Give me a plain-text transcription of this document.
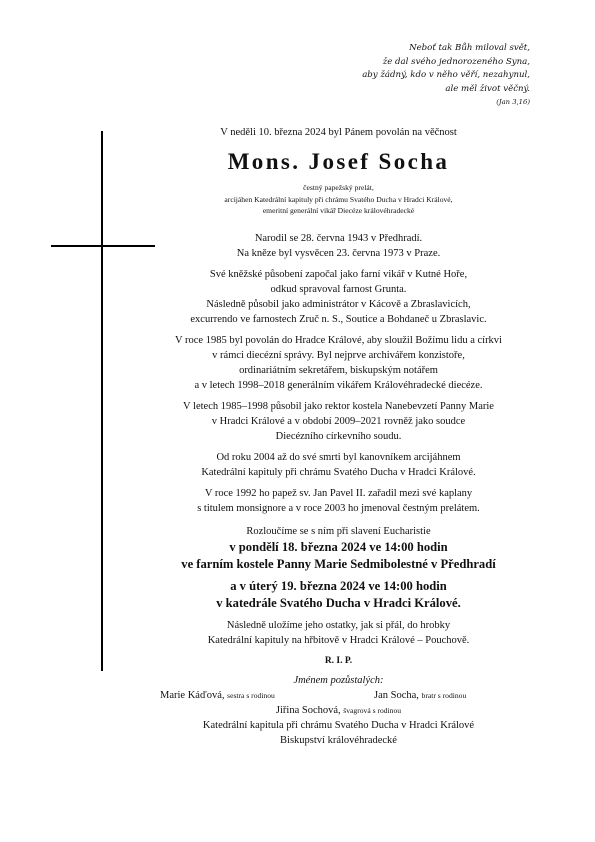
Neboť tak Bůh miloval svět,
že dal svého jednorozeného Syna,
aby žádný, kdo v něho věří, nezahynul,
ale měl život věčný.
(Jan 3,16)
V neděli 10. března 2024 byl Pánem povolán na věčnost
Mons. Josef Socha
čestný papežský prelát,
arcijáhen Katedrální kapituly při chrámu Svatého Ducha v Hradci Králové,
emeritní generální vikář Diecéze královéhradecké
Narodil se 28. června 1943 v Předhradí.
Na kněze byl vysvěcen 23. června 1973 v Praze.
Své kněžské působení započal jako farní vikář v Kutné Hoře,
odkud spravoval farnost Grunta.
Následně působil jako administrátor v Kácově a Zbraslavicích,
excurrendo ve farnostech Zruč n. S., Soutice a Bohdaneč u Zbraslavic.
V roce 1985 byl povolán do Hradce Králové, aby sloužil Božímu lidu a církvi
v rámci diecézní správy. Byl nejprve archivářem konzistoře,
ordinariátním sekretářem, biskupským notářem
a v letech 1998–2018 generálním vikářem Královéhradecké diecéze.
V letech 1985–1998 působil jako rektor kostela Nanebevzetí Panny Marie
v Hradci Králové a v období 2009–2021 rovněž jako soudce
Diecézního církevního soudu.
Od roku 2004 až do své smrti byl kanovníkem arcijáhnem
Katedrální kapituly při chrámu Svatého Ducha v Hradci Králové.
V roce 1992 ho papež sv. Jan Pavel II. zařadil mezi své kaplany
s titulem monsignore a v roce 2003 ho jmenoval čestným prelátem.
Rozloučíme se s ním při slavení Eucharistie
v pondělí 18. března 2024 ve 14:00 hodin
ve farním kostele Panny Marie Sedmibolestné v Předhradí
a v úterý 19. března 2024 ve 14:00 hodin
v katedrále Svatého Ducha v Hradci Králové.
Následně uložíme jeho ostatky, jak si přál, do hrobky
Katedrální kapituly na hřbitově v Hradci Králové – Pouchově.
R. I. P.
Jménem pozůstalých:
Marie Káďová, sestra s rodinou	Jan Socha, bratr s rodinou
Jiřina Sochová, švagrová s rodinou
Katedrální kapitula při chrámu Svatého Ducha v Hradci Králové
Biskupství královéhradecké
